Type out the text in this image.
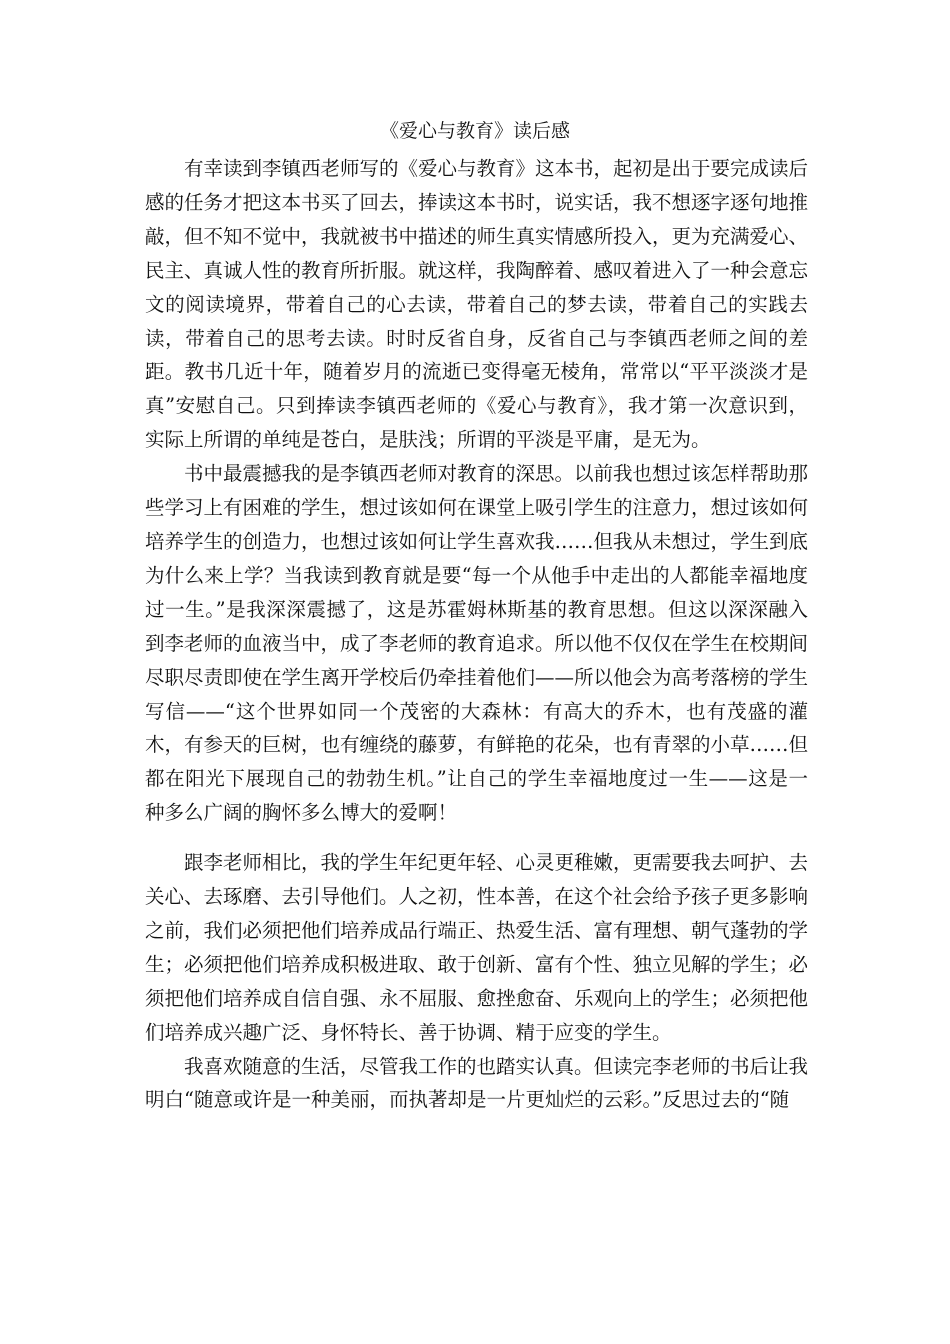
《爱心与教育》读后感

有幸读到李镇西老师写的《爱心与教育》这本书，起初是出于要完成读后感的任务才把这本书买了回去，捧读这本书时，说实话，我不想逐字逐句地推敲，但不知不觉中，我就被书中描述的师生真实情感所投入，更为充满爱心、民主、真诚人性的教育所折服。就这样，我陶醉着、感叹着进入了一种会意忘文的阅读境界，带着自己的心去读，带着自己的梦去读，带着自己的实践去读，带着自己的思考去读。时时反省自身，反省自己与李镇西老师之间的差距。教书几近十年，随着岁月的流逝已变得毫无棱角，常常以“平平淡淡才是真”安慰自己。只到捧读李镇西老师的《爱心与教育》，我才第一次意识到，实际上所谓的单纯是苍白，是肤浅；所谓的平淡是平庸，是无为。

书中最震撼我的是李镇西老师对教育的深思。以前我也想过该怎样帮助那些学习上有困难的学生，想过该如何在课堂上吸引学生的注意力，想过该如何培养学生的创造力，也想过该如何让学生喜欢我……但我从未想过，学生到底为什么来上学？当我读到教育就是要“每一个从他手中走出的人都能幸福地度过一生。”是我深深震撼了，这是苏霍姆林斯基的教育思想。但这以深深融入到李老师的血液当中，成了李老师的教育追求。所以他不仅仅在学生在校期间尽职尽责即使在学生离开学校后仍牵挂着他们——所以他会为高考落榜的学生写信——“这个世界如同一个茂密的大森林：有高大的乔木，也有茂盛的灌木，有参天的巨树，也有缠绕的藤萝，有鲜艳的花朵，也有青翠的小草……但都在阳光下展现自己的勃勃生机。”让自己的学生幸福地度过一生——这是一种多么广阔的胸怀多么博大的爱啊！

跟李老师相比，我的学生年纪更年轻、心灵更稚嫩，更需要我去呵护、去关心、去琢磨、去引导他们。人之初，性本善，在这个社会给予孩子更多影响之前，我们必须把他们培养成品行端正、热爱生活、富有理想、朝气蓬勃的学生；必须把他们培养成积极进取、敢于创新、富有个性、独立见解的学生；必须把他们培养成自信自强、永不屈服、愈挫愈奋、乐观向上的学生；必须把他们培养成兴趣广泛、身怀特长、善于协调、精于应变的学生。

我喜欢随意的生活，尽管我工作的也踏实认真。但读完李老师的书后让我明白“随意或许是一种美丽，而执著却是一片更灿烂的云彩。”反思过去的“随
